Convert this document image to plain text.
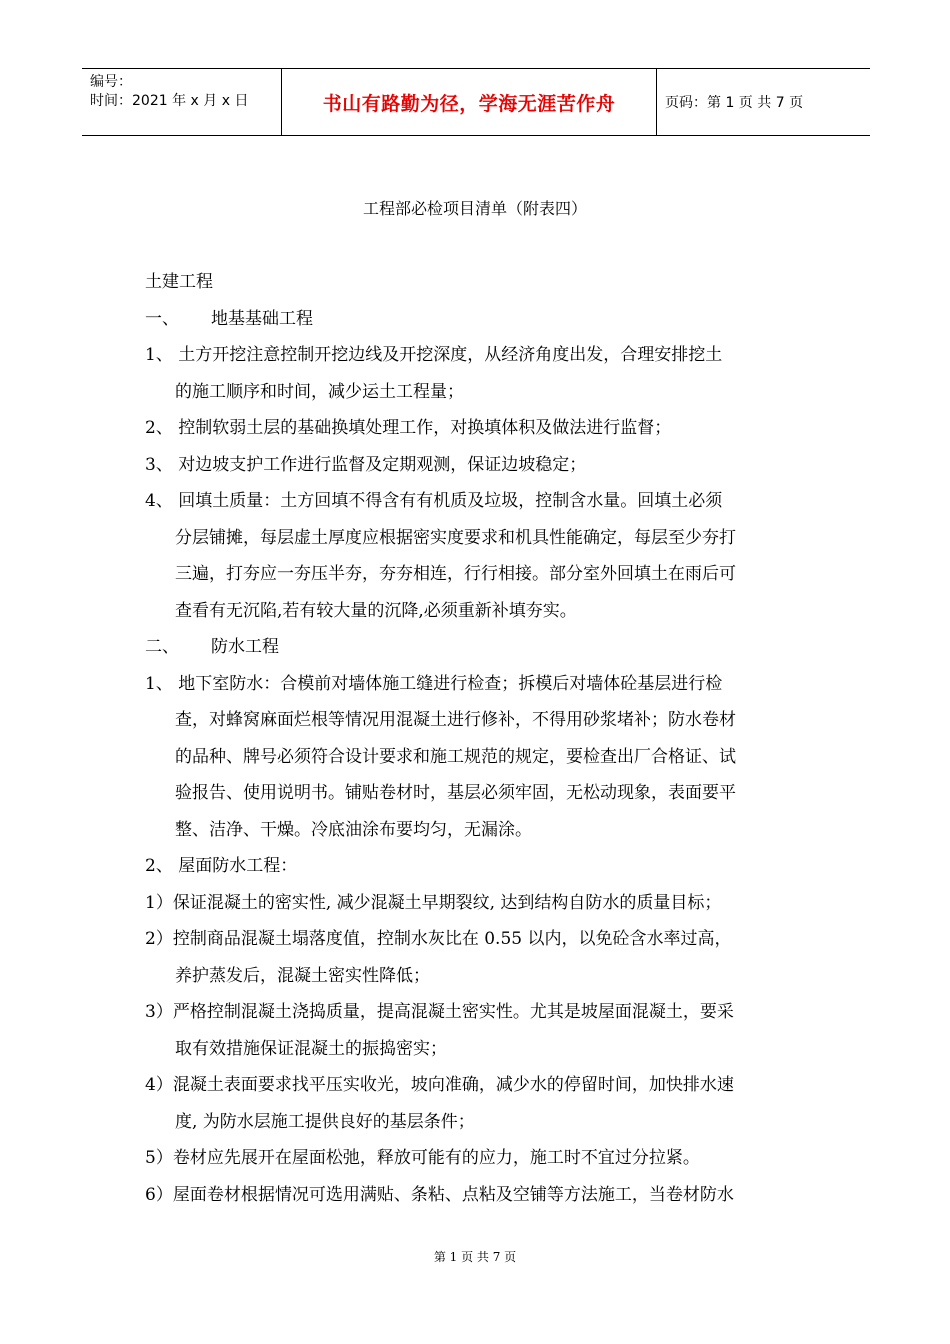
编号：
时间：2021 年 x 月 x 日	书山有路勤为径，学海无涯苦作舟	页码：第 1 页 共 7 页
工程部必检项目清单（附表四）
土建工程
一、 地基基础工程
1、 土方开挖注意控制开挖边线及开挖深度，从经济角度出发，合理安排挖土
的施工顺序和时间，减少运土工程量；
2、 控制软弱土层的基础换填处理工作，对换填体积及做法进行监督；
3、 对边坡支护工作进行监督及定期观测，保证边坡稳定；
4、 回填土质量：土方回填不得含有有机质及垃圾，控制含水量。回填土必须
分层铺摊，每层虚土厚度应根据密实度要求和机具性能确定，每层至少夯打
三遍，打夯应一夯压半夯，夯夯相连，行行相接。部分室外回填土在雨后可
查看有无沉陷,若有较大量的沉降,必须重新补填夯实。
二、 防水工程
1、 地下室防水：合模前对墙体施工缝进行检查；拆模后对墙体砼基层进行检
查，对蜂窝麻面烂根等情况用混凝土进行修补，不得用砂浆堵补；防水卷材
的品种、牌号必须符合设计要求和施工规范的规定，要检查出厂合格证、试
验报告、使用说明书。铺贴卷材时，基层必须牢固，无松动现象，表面要平
整、洁净、干燥。冷底油涂布要均匀，无漏涂。
2、 屋面防水工程：
1）保证混凝土的密实性, 减少混凝土早期裂纹, 达到结构自防水的质量目标；
2）控制商品混凝土塌落度值，控制水灰比在 0.55 以内，以免砼含水率过高，
养护蒸发后，混凝土密实性降低；
3）严格控制混凝土浇捣质量，提高混凝土密实性。尤其是坡屋面混凝土，要采
取有效措施保证混凝土的振捣密实；
4）混凝土表面要求找平压实收光，坡向准确，减少水的停留时间，加快排水速
度, 为防水层施工提供良好的基层条件；
5）卷材应先展开在屋面松弛，释放可能有的应力，施工时不宜过分拉紧。
6）屋面卷材根据情况可选用满贴、条粘、点粘及空铺等方法施工，当卷材防水
第 1 页 共 7 页
